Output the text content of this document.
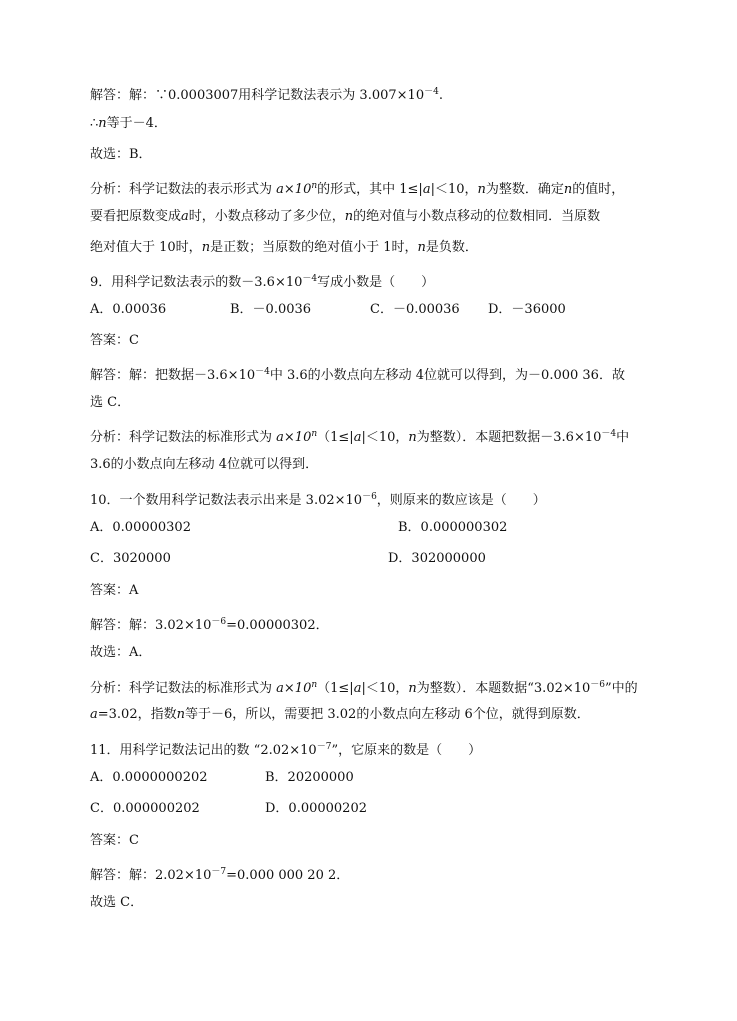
解答：解：∵0.0003007用科学记数法表示为 $3.007\times 10^{-4}$.
∴n等于－4．
故选：B．
分析：科学记数法的表示形式为 $a\times 10^n$的形式，其中 1≤|a|＜10，n为整数．确定n的值时，
要看把原数变成a时，小数点移动了多少位，n的绝对值与小数点移动的位数相同．当原数
绝对值大于 10时，n是正数；当原数的绝对值小于 1时，n是负数．
9．用科学记数法表示的数$-3.6\times 10^{-4}$写成小数是（　　）
A．0.00036	B．－0.0036	C．－0.00036 D．－36000
答案：C
解答：解：把数据$-3.6\times 10^{-4}$中 3.6的小数点向左移动 4位就可以得到，为－0.000 36．故
选 C．
分析：科学记数法的标准形式为 $a\times 10^n(1\le|a|<10$，n为整数）．本题把数据$-3.6\times 10^{-4}$中
3.6的小数点向左移动 4位就可以得到．
10．一个数用科学记数法表示出来是 $3.02\times 10^{-6}$，则原来的数应该是（　　）
A．0.00000302	B．0.000000302
C．3020000	D．302000000
答案：A
解答：解：$3.02\times 10^{-6}=0.00000302$．
故选：A．
分析：科学记数法的标准形式为 $a\times 10^n(1\le|a|<10$，n为整数）．本题数据“$3.02\times 10^{-6}$”中的
a=3.02，指数n等于－6，所以，需要把 3.02的小数点向左移动 6个位，就得到原数．
11．用科学记数法记出的数 “$2.02\times 10^{-7}$”，它原来的数是（　　）
A．0.0000000202	B．20200000
C．0.000000202	D．0.00000202
答案：C
解答：解：$2.02\times 10^{-7}=0.000$ 000 20 2．
故选 C．
